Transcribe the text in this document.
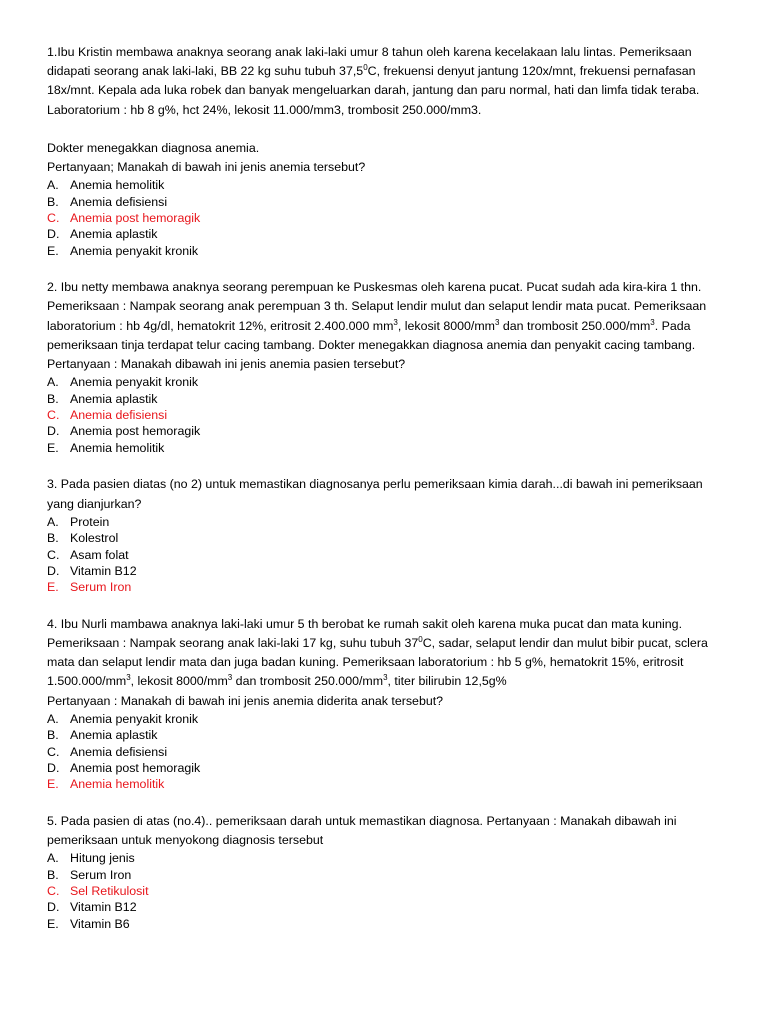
1.Ibu Kristin membawa anaknya seorang anak laki-laki umur 8 tahun oleh karena kecelakaan lalu lintas. Pemeriksaan didapati seorang anak laki-laki, BB 22 kg suhu tubuh 37,5$^0$C, frekuensi denyut jantung 120x/mnt, frekuensi pernafasan 18x/mnt. Kepala ada luka robek dan banyak mengeluarkan darah, jantung dan paru normal, hati dan limfa tidak teraba. Laboratorium : hb 8 g%, hct 24%, lekosit 11.000/mm3, trombosit 250.000/mm3.

Dokter menegakkan diagnosa anemia.
Pertanyaan; Manakah di bawah ini jenis anemia tersebut?

A. Anemia hemolitik
B. Anemia defisiensi
C. Anemia post hemoragik
D. Anemia aplastik
E. Anemia penyakit kronik

2. Ibu netty membawa anaknya seorang perempuan ke Puskesmas oleh karena pucat. Pucat sudah ada kira-kira 1 thn. Pemeriksaan : Nampak seorang anak perempuan 3 th. Selaput lendir mulut dan selaput lendir mata pucat. Pemeriksaan laboratorium : hb 4g/dl, hematokrit 12%, eritrosit 2.400.000 $mm^3$, lekosit $8000/mm^3$ dan trombosit $250.000/mm^3$. Pada pemeriksaan tinja terdapat telur cacing tambang. Dokter menegakkan diagnosa anemia dan penyakit cacing tambang. Pertanyaan : Manakah dibawah ini jenis anemia pasien tersebut?

A. Anemia penyakit kronik
B. Anemia aplastik
C. Anemia defisiensi
D. Anemia post hemoragik
E. Anemia hemolitik

3. Pada pasien diatas (no 2) untuk memastikan diagnosanya perlu pemeriksaan kimia darah...di bawah ini pemeriksaan yang dianjurkan?

A. Protein
B. Kolestrol
C. Asam folat
D. Vitamin B12
E. Serum Iron

4. Ibu Nurli mambawa anaknya laki-laki umur 5 th berobat ke rumah sakit oleh karena muka pucat dan mata kuning. Pemeriksaan : Nampak seorang anak laki-laki 17 kg, suhu tubuh $37^0C$, sadar, selaput lendir dan mulut bibir pucat, sclera mata dan selaput lendir mata dan juga badan kuning. Pemeriksaan laboratorium : hb 5 g%, hematokrit 15%, eritrosit $1.500.000/mm^3$, lekosit $8000/mm^3$ dan trombosit $250.000/mm^3$, titer bilirubin 12,5g%
Pertanyaan : Manakah di bawah ini jenis anemia diderita anak tersebut?

A. Anemia penyakit kronik
B. Anemia aplastik
C. Anemia defisiensi
D. Anemia post hemoragik
E. Anemia hemolitik

5. Pada pasien di atas (no.4).. pemeriksaan darah untuk memastikan diagnosa. Pertanyaan : Manakah dibawah ini pemeriksaan untuk menyokong diagnosis tersebut

A. Hitung jenis
B. Serum Iron
C. Sel Retikulosit
D. Vitamin B12
E. Vitamin B6
